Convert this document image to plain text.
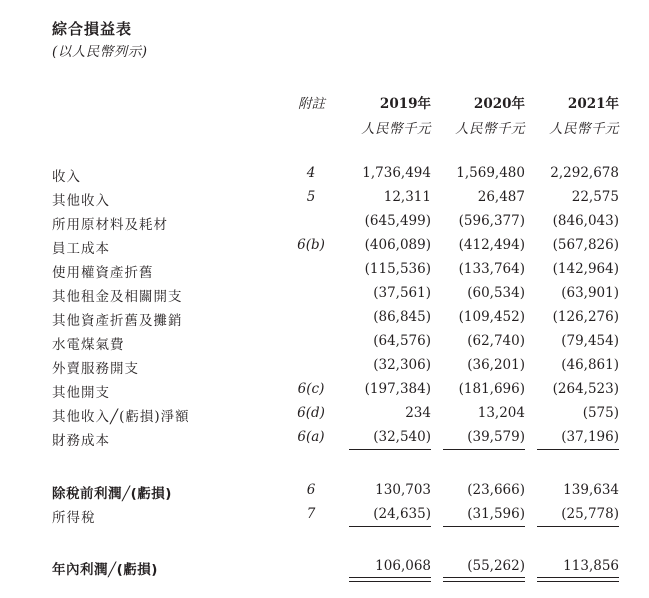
綜合損益表
(以人民幣列示)
附註	2019年	2020年	2021年
人民幣千元	人民幣千元	人民幣千元
收入	4	1,736,494 1,569,480 2,292,678
其他收入	5	12,311	26,487	22,575
所用原材料及耗材	(645,499) (596,377) (846,043)
員工成本	6(b)	(406,089) (412,494) (567,826)
使用權資產折舊	(115,536) (133,764) (142,964)
其他租金及相關開支	(37,561)	(60,534)	(63,901)
其他資產折舊及攤銷	(86,845) (109,452) (126,276)
水電煤氣費	(64,576)	(62,740)	(79,454)
外賣服務開支	(32,306)	(36,201)	(46,861)
其他開支	6(c)	(197,384) (181,696) (264,523)
其他收入╱(虧損)淨額	6(d)	234	13,204	(575)
財務成本	6(a)	(32,540)	(39,579)	(37,196)
除稅前利潤╱(虧損)	6	130,703	(23,666)	139,634
所得稅	7	(24,635)	(31,596)	(25,778)
年內利潤╱(虧損)	106,068	(55,262)	113,856
